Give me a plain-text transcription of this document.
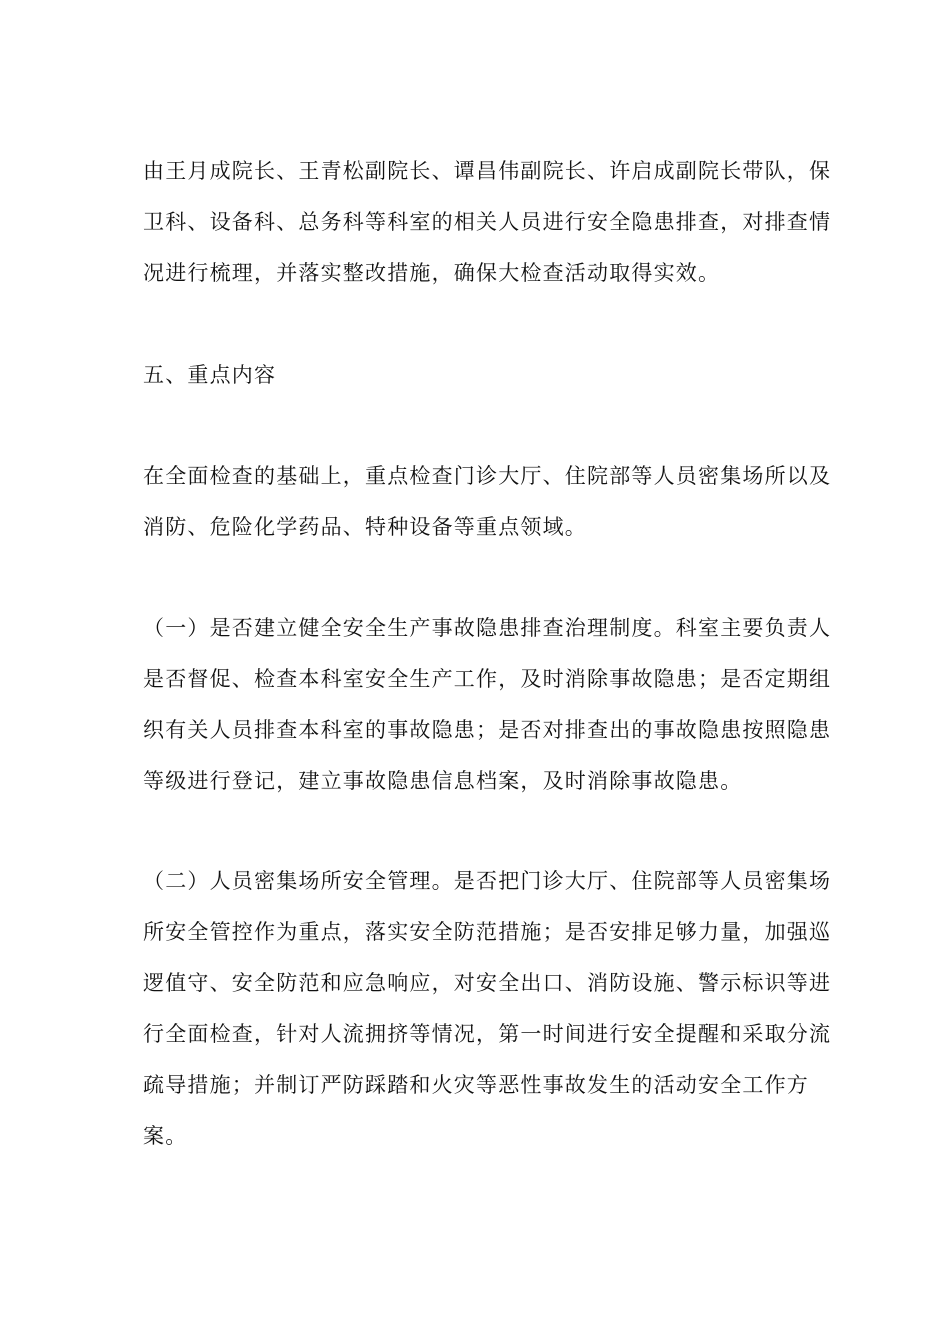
由王月成院长、王青松副院长、谭昌伟副院长、许启成副院长带队，保
卫科、设备科、总务科等科室的相关人员进行安全隐患排查，对排查情
况进行梳理，并落实整改措施，确保大检查活动取得实效。

五、重点内容

在全面检查的基础上，重点检查门诊大厅、住院部等人员密集场所以及
消防、危险化学药品、特种设备等重点领域。

（一）是否建立健全安全生产事故隐患排查治理制度。科室主要负责人
是否督促、检查本科室安全生产工作，及时消除事故隐患；是否定期组
织有关人员排查本科室的事故隐患；是否对排查出的事故隐患按照隐患
等级进行登记，建立事故隐患信息档案，及时消除事故隐患。

（二）人员密集场所安全管理。是否把门诊大厅、住院部等人员密集场
所安全管控作为重点，落实安全防范措施；是否安排足够力量，加强巡
逻值守、安全防范和应急响应，对安全出口、消防设施、警示标识等进
行全面检查，针对人流拥挤等情况，第一时间进行安全提醒和采取分流
疏导措施；并制订严防踩踏和火灾等恶性事故发生的活动安全工作方
案。
